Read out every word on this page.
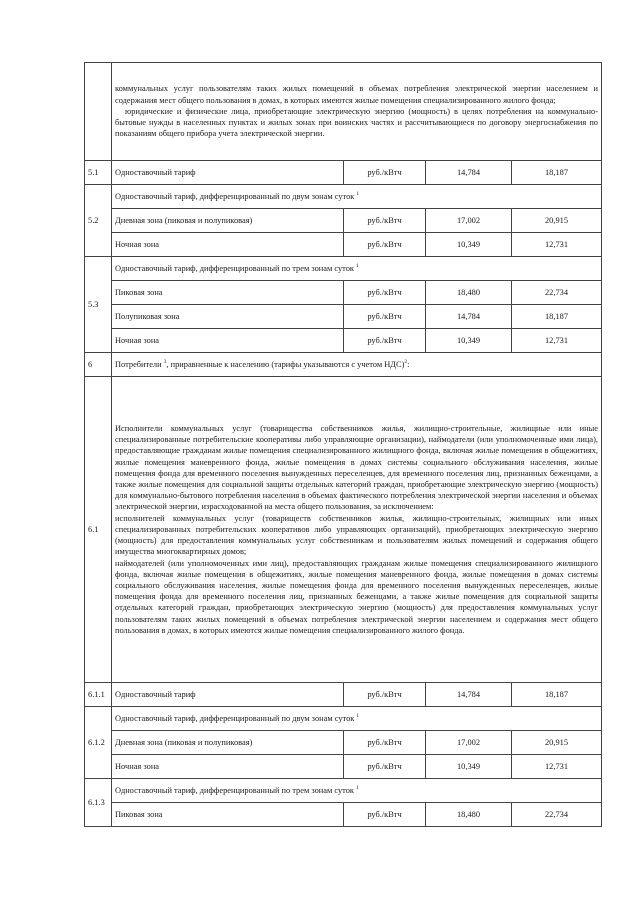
	коммунальных услуг пользователям таких жилых помещений в объемах потребления электрической энергии населением и содержания мест общего пользования в домах, в которых имеются жилые помещения специализированного жилого фонда;

юридические и физические лица, приобретающие электрическую энергию (мощность) в целях потребления на коммунально-бытовые нужды в населенных пунктах и жилых зонах при воинских частях и рассчитывающиеся по договору энергоснабжения по показаниям общего прибора учета электрической энергии.			

5.1	Одноставочный тариф	руб./кВтч	14,784	18,187
5.2	Одноставочный тариф, дифференцированный по двум зонам суток $^1$
	Дневная зона (пиковая и полупиковая)	руб./кВтч	17,002	20,915
	Ночная зона	руб./кВтч	10,349	12,731
5.3	Одноставочный тариф, дифференцированный по трем зонам суток $^1$
	Пиковая зона	руб./кВтч	18,480	22,734
	Полупиковая зона	руб./кВтч	14,784	18,187
	Ночная зона	руб./кВтч	10,349	12,731
6	Потребители $^3$, приравненные к населению (тарифы указываются с учетом НДС)$^2$:			
6.1	Исполнители коммунальных услуг (товарищества собственников жилья, жилищно-строительные, жилищные или иные специализированные потребительские кооперативы либо управляющие организации), наймодатели (или уполномоченные ими лица), предоставляющие гражданам жилые помещения специализированного жилищного фонда, включая жилые помещения в общежитиях, жилые помещения маневренного фонда, жилые помещения в домах системы социального обслуживания населения, жилые помещения фонда для временного поселения вынужденных переселенцев, для временного поселения лиц, признанных беженцами, а также жилые помещения для социальной защиты отдельных категорий граждан, приобретающие электрическую энергию (мощность) для коммунально-бытового потребления населения в объемах фактического потребления электрической энергии населения и объемах электрической энергии, израсходованной на места общего пользования, за исключением:

исполнителей коммунальных услуг (товариществ собственников жилья, жилищно-строительных, жилищных или иных специализированных потребительских кооперативов либо управляющих организаций), приобретающих электрическую энергию (мощность) для предоставления коммунальных услуг собственникам и пользователям жилых помещений и содержания общего имущества многоквартирных домов;

наймодателей (или уполномоченных ими лиц), предоставляющих гражданам жилые помещения специализированного жилищного фонда, включая жилые помещения в общежитиях, жилые помещения маневренного фонда, жилые помещения в домах системы социального обслуживания населения, жилые помещения фонда для временного поселения вынужденных переселенцев, жилые помещения фонда для временного поселения лиц, признанных беженцами, а также жилые помещения для социальной защиты отдельных категорий граждан, приобретающих электрическую энергию (мощность) для предоставления коммунальных услуг пользователям таких жилых помещений в объемах потребления электрической энергии населением и содержания мест общего пользования в домах, в которых имеются жилые помещения специализированного жилого фонда.			

6.1.1	Одноставочный тариф	руб./кВтч	14,784	18,187
6.1.2	Одноставочный тариф, дифференцированный по двум зонам суток $^1$
	Дневная зона (пиковая и полупиковая)	руб./кВтч	17,002	20,915
	Ночная зона	руб./кВтч	10,349	12,731
6.1.3	Одноставочный тариф, дифференцированный по трем зонам суток $^1$
	Пиковая зона	руб./кВтч	18,480	22,734
